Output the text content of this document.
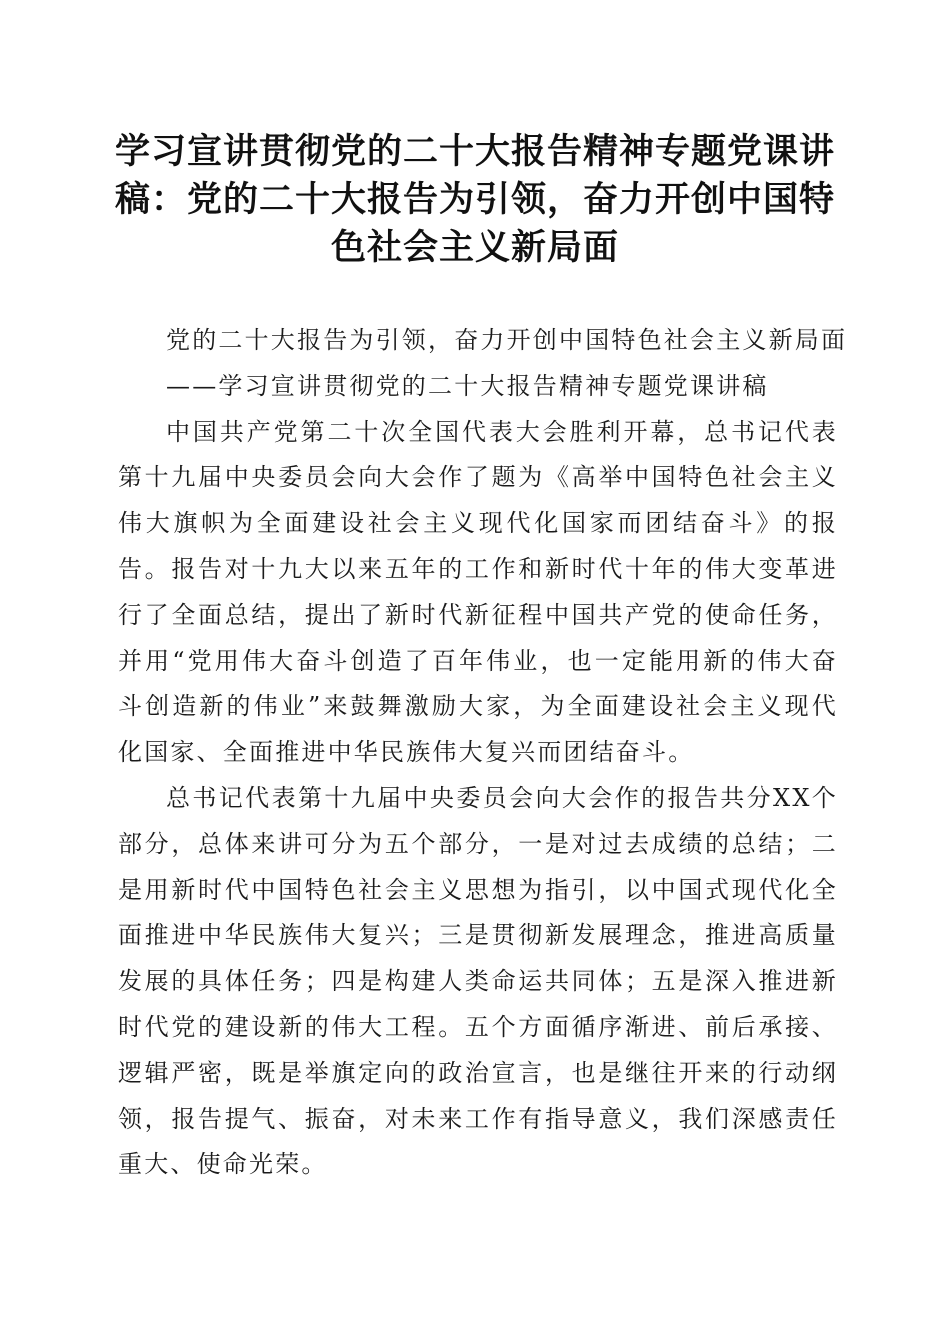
学习宣讲贯彻党的二十大报告精神专题党课讲
稿：党的二十大报告为引领，奋力开创中国特
色社会主义新局面

党的二十大报告为引领，奋力开创中国特色社会主义新局面

——学习宣讲贯彻党的二十大报告精神专题党课讲稿

中国共产党第二十次全国代表大会胜利开幕，总书记代表第十九届中央委员会向大会作了题为《高举中国特色社会主义伟大旗帜为全面建设社会主义现代化国家而团结奋斗》的报告。报告对十九大以来五年的工作和新时代十年的伟大变革进行了全面总结，提出了新时代新征程中国共产党的使命任务，并用“党用伟大奋斗创造了百年伟业，也一定能用新的伟大奋斗创造新的伟业”来鼓舞激励大家，为全面建设社会主义现代化国家、全面推进中华民族伟大复兴而团结奋斗。

总书记代表第十九届中央委员会向大会作的报告共分XX个部分，总体来讲可分为五个部分，一是对过去成绩的总结；二是用新时代中国特色社会主义思想为指引，以中国式现代化全面推进中华民族伟大复兴；三是贯彻新发展理念，推进高质量发展的具体任务；四是构建人类命运共同体；五是深入推进新时代党的建设新的伟大工程。五个方面循序渐进、前后承接、逻辑严密，既是举旗定向的政治宣言，也是继往开来的行动纲领，报告提气、振奋，对未来工作有指导意义，我们深感责任重大、使命光荣。
